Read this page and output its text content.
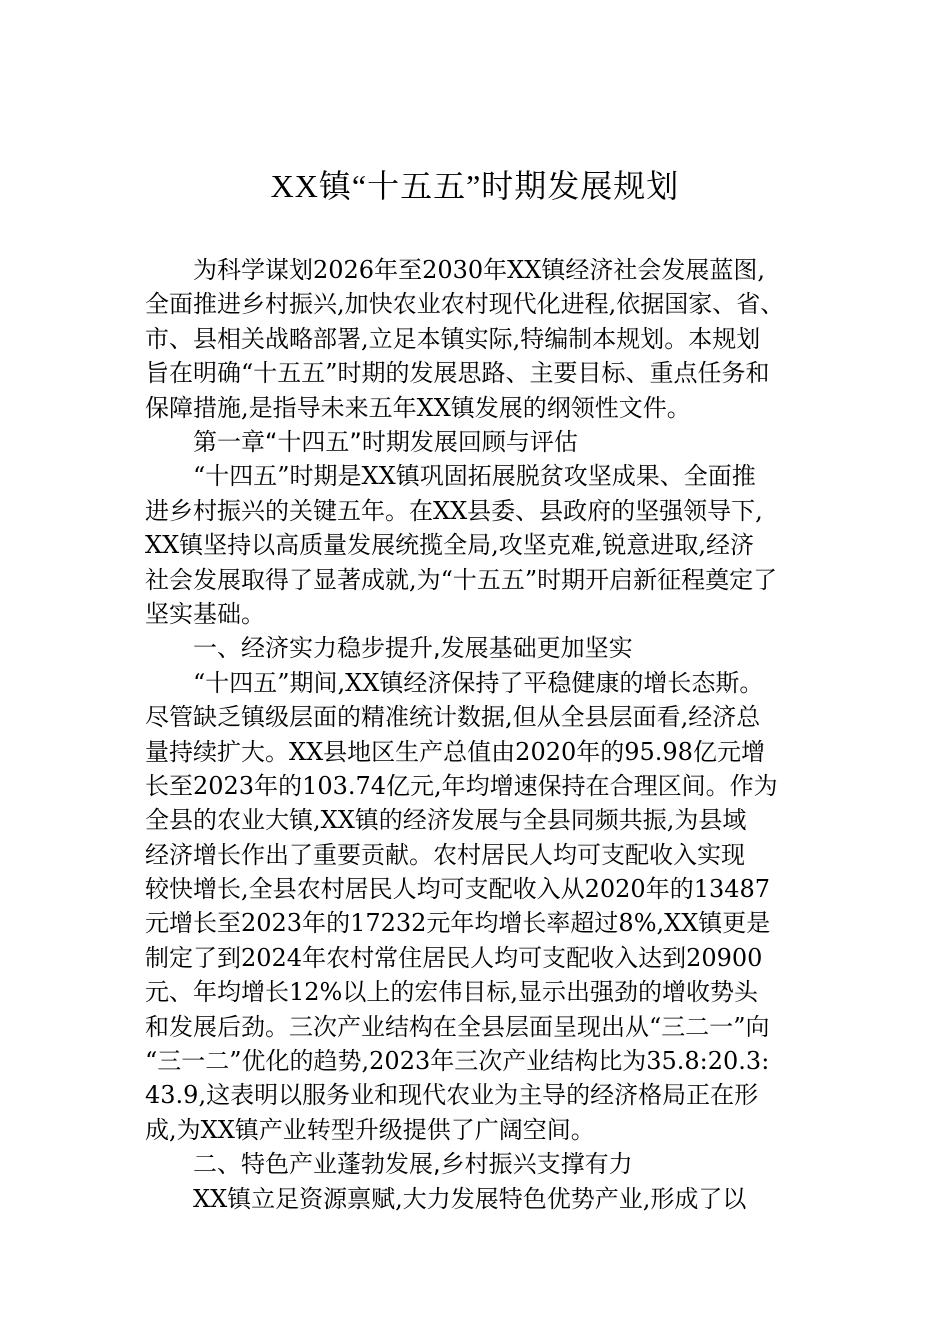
XX镇“十五五”时期发展规划
为科学谋划2026年至2030年XX镇经济社会发展蓝图,
全面推进乡村振兴,加快农业农村现代化进程,依据国家、省、
市、县相关战略部署,立足本镇实际,特编制本规划。本规划
旨在明确“十五五”时期的发展思路、主要目标、重点任务和
保障措施,是指导未来五年XX镇发展的纲领性文件。
第一章“十四五”时期发展回顾与评估
“十四五”时期是XX镇巩固拓展脱贫攻坚成果、全面推
进乡村振兴的关键五年。在XX县委、县政府的坚强领导下,
XX镇坚持以高质量发展统揽全局,攻坚克难,锐意进取,经济
社会发展取得了显著成就,为“十五五”时期开启新征程奠定了
坚实基础。
一、经济实力稳步提升,发展基础更加坚实
“十四五”期间,XX镇经济保持了平稳健康的增长态斯。
尽管缺乏镇级层面的精准统计数据,但从全县层面看,经济总
量持续扩大。XX县地区生产总值由2020年的95.98亿元增
长至2023年的103.74亿元,年均增速保持在合理区间。作为
全县的农业大镇,XX镇的经济发展与全县同频共振,为县域
经济增长作出了重要贡献。农村居民人均可支配收入实现
较快增长,全县农村居民人均可支配收入从2020年的13487
元增长至2023年的17232元年均增长率超过8%,XX镇更是
制定了到2024年农村常住居民人均可支配收入达到20900
元、年均增长12%以上的宏伟目标,显示出强劲的增收势头
和发展后劲。三次产业结构在全县层面呈现出从“三二一”向
“三一二”优化的趋势,2023年三次产业结构比为35.8:20.3:
43.9,这表明以服务业和现代农业为主导的经济格局正在形
成,为XX镇产业转型升级提供了广阔空间。
二、特色产业蓬勃发展,乡村振兴支撑有力
XX镇立足资源禀赋,大力发展特色优势产业,形成了以
